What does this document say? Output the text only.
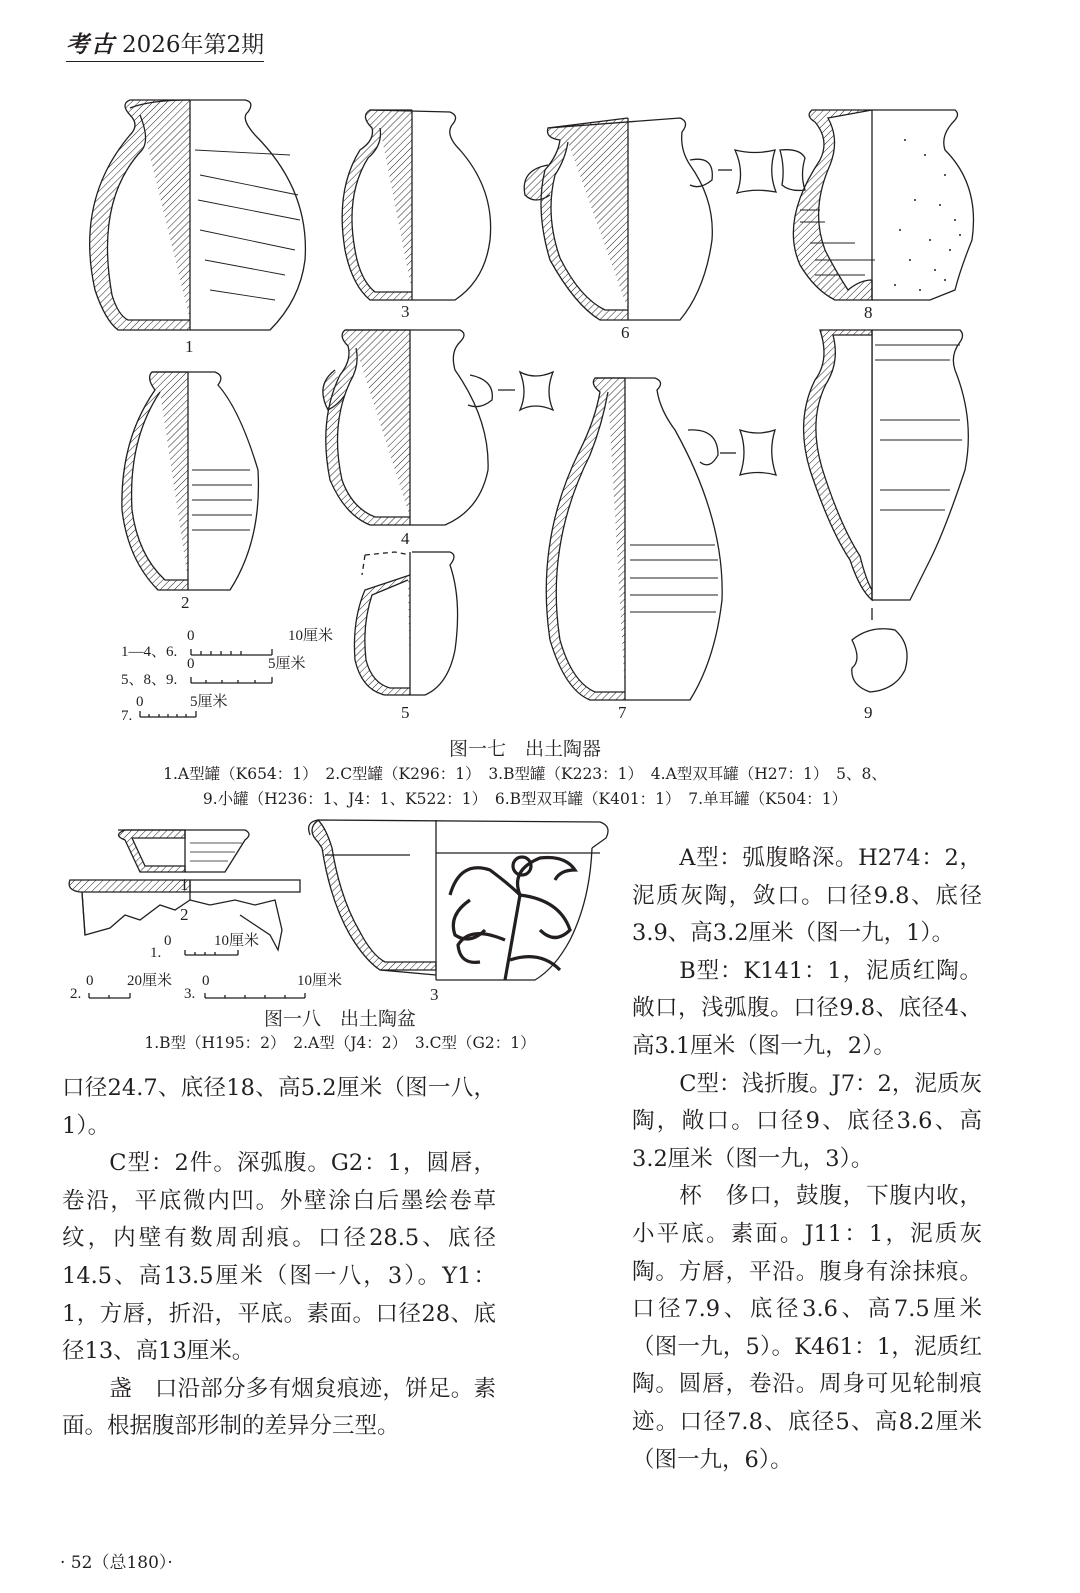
考古 2026年第2期
1
2
3
4
5
6
7
8
9
1—4、6.
0	10厘米
5、8、9.
0	5厘米
7.
0	5厘米
1
2
3
1.
0	10厘米
2.
0 20厘米
3.
0	10厘米
图一七　出土陶器
1.A型罐（K654：1）　2.C型罐（K296：1）　3.B型罐（K223：1）　4.A型双耳罐（H27：1）　5、8、
9.小罐（H236：1、J4：1、K522：1）　6.B型双耳罐（K401：1）　7.单耳罐（K504：1）
图一八　出土陶盆
1.B型（H195：2）　2.A型（J4：2）　3.C型（G2：1）

口径24.7、底径18、高5.2厘米（图一八，1）。

C型：2件。深弧腹。G2：1，圆唇，卷沿，平底微内凹。外壁涂白后墨绘卷草纹，内壁有数周刮痕。口径28.5、底径14.5、高13.5厘米（图一八，3）。Y1：1，方唇，折沿，平底。素面。口径28、底径13、高13厘米。

盏　口沿部分多有烟炱痕迹，饼足。素面。根据腹部形制的差异分三型。

A型：弧腹略深。H274：2，泥质灰陶，敛口。口径9.8、底径3.9、高3.2厘米（图一九，1）。

B型：K141：1，泥质红陶。敞口，浅弧腹。口径9.8、底径4、高3.1厘米（图一九，2）。

C型：浅折腹。J7：2，泥质灰陶，敞口。口径9、底径3.6、高3.2厘米（图一九，3）。

杯　侈口，鼓腹，下腹内收，小平底。素面。J11：1，泥质灰陶。方唇，平沿。腹身有涂抹痕。口径7.9、底径3.6、高7.5厘米（图一九，5）。K461：1，泥质红陶。圆唇，卷沿。周身可见轮制痕迹。口径7.8、底径5、高8.2厘米（图一九，6）。

· 52（总180）·
